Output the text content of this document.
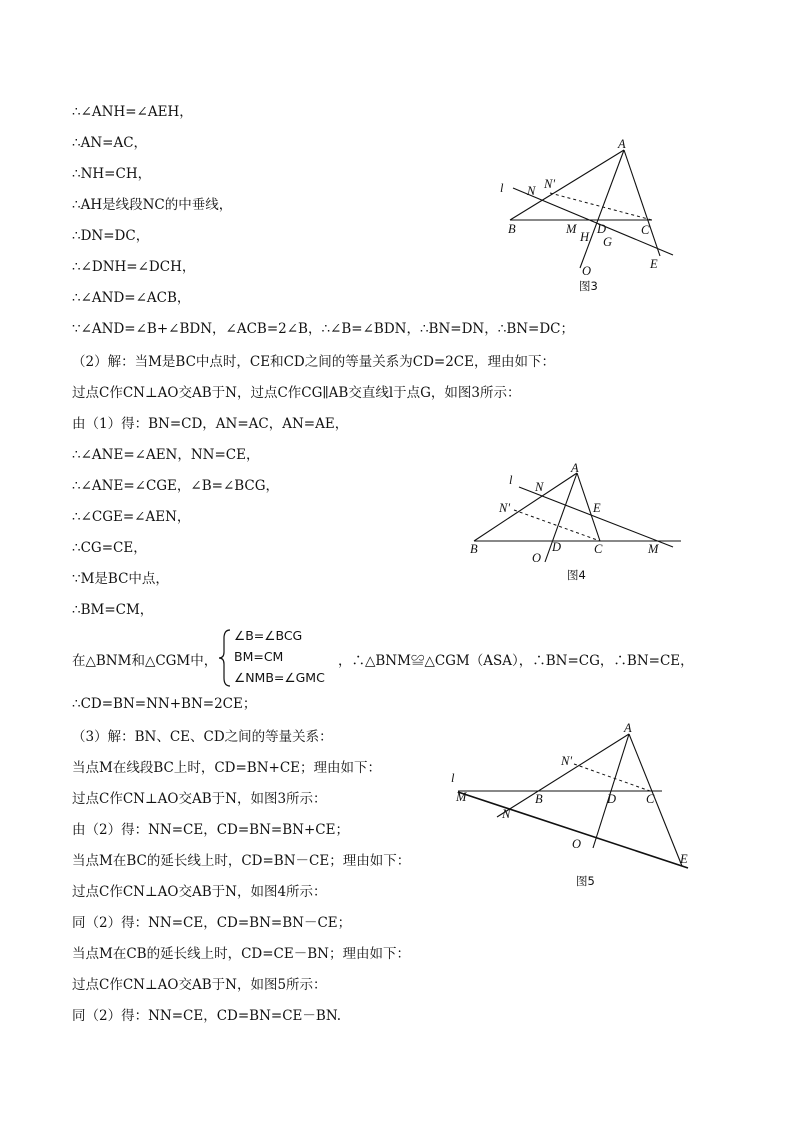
∴∠ANH=∠AEH，
∴AN=AC，
∴NH=CH，
∴AH是线段NC的中垂线，
∴DN=DC，
∴∠DNH=∠DCH，
∴∠AND=∠ACB，
∵∠AND=∠B+∠BDN，∠ACB=2∠B，∴∠B=∠BDN，∴BN=DN，∴BN=DC；
（2）解：当M是BC中点时，CE和CD之间的等量关系为CD=2CE，理由如下：
过点C作CN⊥AO交AB于N，过点C作CG∥AB交直线l于点G，如图3所示：
由（1）得：BN=CD，AN=AC，AN=AE，
∴∠ANE=∠AEN，NN=CE，
∴∠ANE=∠CGE，∠B=∠BCG，
∴∠CGE=∠AEN，
∴CG=CE，
∵M是BC中点，
∴BM=CM，
在△BNM和△CGM中，
∠B=∠BCG
BM=CM
∠NMB=∠GMC
，∴△BNM≌△CGM（ASA），∴BN=CG，∴BN=CE，
∴CD=BN=NN+BN=2CE；
（3）解：BN、CE、CD之间的等量关系：
当点M在线段BC上时，CD=BN+CE；理由如下：
过点C作CN⊥AO交AB于N，如图3所示：
由（2）得：NN=CE，CD=BN=BN+CE；
当点M在BC的延长线上时，CD=BN－CE；理由如下：
过点C作CN⊥AO交AB于N，如图4所示：
同（2）得：NN=CE，CD=BN=BN－CE；
当点M在CB的延长线上时，CD=CE－BN；理由如下：
过点C作CN⊥AO交AB于N，如图5所示：
同（2）得：NN=CE，CD=BN=CE－BN.
A
N N'
l
B	M D
H G
C
O	E
图3
A
l N
N'	E
B
O
D	C	M
图4
A
N'
l
M	B	D C
N
O
E
图5
